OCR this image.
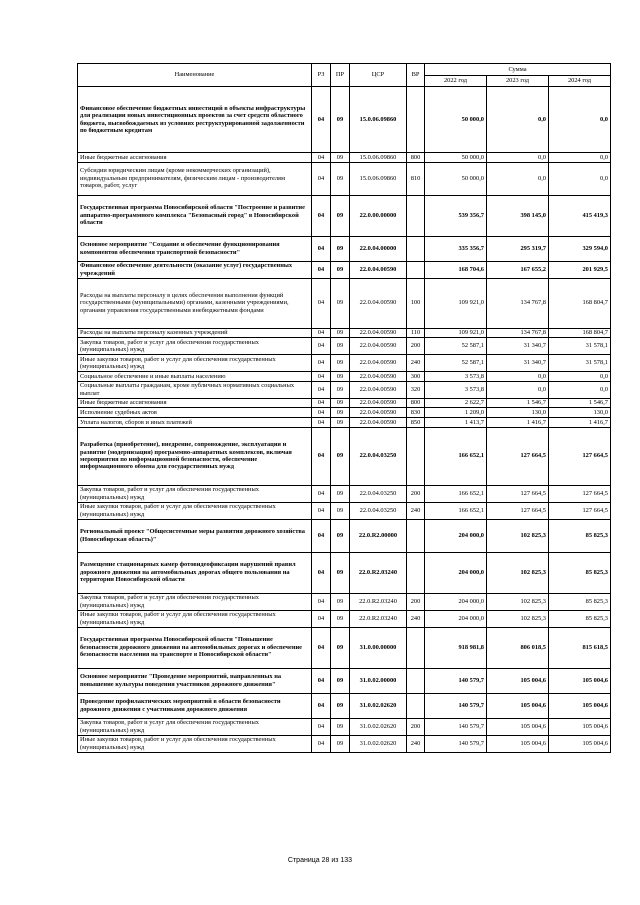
Наименование	РЗ	ПР	ЦСР	ВР	Сумма		
					2022 год	2023 год	2024 год
Финансовое обеспечение бюджетных инвестиций в объекты инфраструктуры для реализации новых инвестиционных проектов за счет средств областного бюджета, высвобождаемых из условиях реструктурированной задолженности по бюджетным кредитам	04	09	15.0.06.09860		50 000,0	0,0	0,0
Иные бюджетные ассигнования	04	09	15.0.06.09860	800	50 000,0	0,0	0,0
Субсидии юридическим лицам (кроме некоммерческих организаций), индивидуальным предпринимателям, физическим лицам - производителям товаров, работ, услуг	04	09	15.0.06.09860	810	50 000,0	0,0	0,0
Государственная программа Новосибирской области "Построение и развитие аппаратно-программного комплекса "Безопасный город" в Новосибирской области	04	09	22.0.00.00000		539 356,7	398 145,0	415 419,3
Основное мероприятие "Создание и обеспечение функционирования компонентов обеспечения транспортной безопасности"	04	09	22.0.04.00000		335 356,7	295 319,7	329 594,0
Финансовое обеспечение деятельности (оказание услуг) государственных учреждений	04	09	22.0.04.00590		168 704,6	167 655,2	201 929,5
Расходы на выплаты персоналу в целях обеспечения выполнения функций государственными (муниципальными) органами, казенными учреждениями, органами управления государственными внебюджетными фондами	04	09	22.0.04.00590	100	109 921,0	134 767,8	168 804,7
Расходы на выплаты персоналу казенных учреждений	04	09	22.0.04.00590	110	109 921,0	134 767,8	168 804,7
Закупка товаров, работ и услуг для обеспечения государственных (муниципальных) нужд	04	09	22.0.04.00590	200	52 587,1	31 340,7	31 578,1
Иные закупки товаров, работ и услуг для обеспечения государственных (муниципальных) нужд	04	09	22.0.04.00590	240	52 587,1	31 340,7	31 578,1
Социальное обеспечение и иные выплаты населению	04	09	22.0.04.00590	300	3 573,8	0,0	0,0
Социальные выплаты гражданам, кроме публичных нормативных социальных выплат	04	09	22.0.04.00590	320	3 573,8	0,0	0,0
Иные бюджетные ассигнования	04	09	22.0.04.00590	800	2 622,7	1 546,7	1 546,7
Исполнение судебных актов	04	09	22.0.04.00590	830	1 209,0	130,0	130,0
Уплата налогов, сборов и иных платежей	04	09	22.0.04.00590	850	1 413,7	1 416,7	1 416,7
Разработка (приобретение), внедрение, сопровождение, эксплуатация и развитие (модернизация) программно-аппаратных комплексов, включая мероприятия по информационной безопасности, обеспечение информационного обмена для государственных нужд	04	09	22.0.04.03250		166 652,1	127 664,5	127 664,5
Закупка товаров, работ и услуг для обеспечения государственных (муниципальных) нужд	04	09	22.0.04.03250	200	166 652,1	127 664,5	127 664,5
Иные закупки товаров, работ и услуг для обеспечения государственных (муниципальных) нужд	04	09	22.0.04.03250	240	166 652,1	127 664,5	127 664,5
Региональный проект "Общесистемные меры развития дорожного хозяйства (Новосибирская область)"	04	09	22.0.R2.00000		204 000,0	102 825,3	85 825,3
Размещение стационарных камер фотовидеофиксации нарушений правил дорожного движения на автомобильных дорогах общего пользования на территории Новосибирской области	04	09	22.0.R2.03240		204 000,0	102 825,3	85 825,3
Закупка товаров, работ и услуг для обеспечения государственных (муниципальных) нужд	04	09	22.0.R2.03240	200	204 000,0	102 825,3	85 825,3
Иные закупки товаров, работ и услуг для обеспечения государственных (муниципальных) нужд	04	09	22.0.R2.03240	240	204 000,0	102 825,3	85 825,3
Государственная программа Новосибирской области "Повышение безопасности дорожного движения на автомобильных дорогах и обеспечение безопасности населения на транспорте в Новосибирской области"	04	09	31.0.00.00000		918 981,8	806 018,5	815 618,5
Основное мероприятие "Проведение мероприятий, направленных на повышение культуры поведения участников дорожного движения"	04	09	31.0.02.00000		140 579,7	105 004,6	105 004,6
Проведение профилактических мероприятий в области безопасности дорожного движения с участниками дорожного движения	04	09	31.0.02.02620		140 579,7	105 004,6	105 004,6
Закупка товаров, работ и услуг для обеспечения государственных (муниципальных) нужд	04	09	31.0.02.02620	200	140 579,7	105 004,6	105 004,6
Иные закупки товаров, работ и услуг для обеспечения государственных (муниципальных) нужд	04	09	31.0.02.02620	240	140 579,7	105 004,6	105 004,6
Страница 28 из 133
